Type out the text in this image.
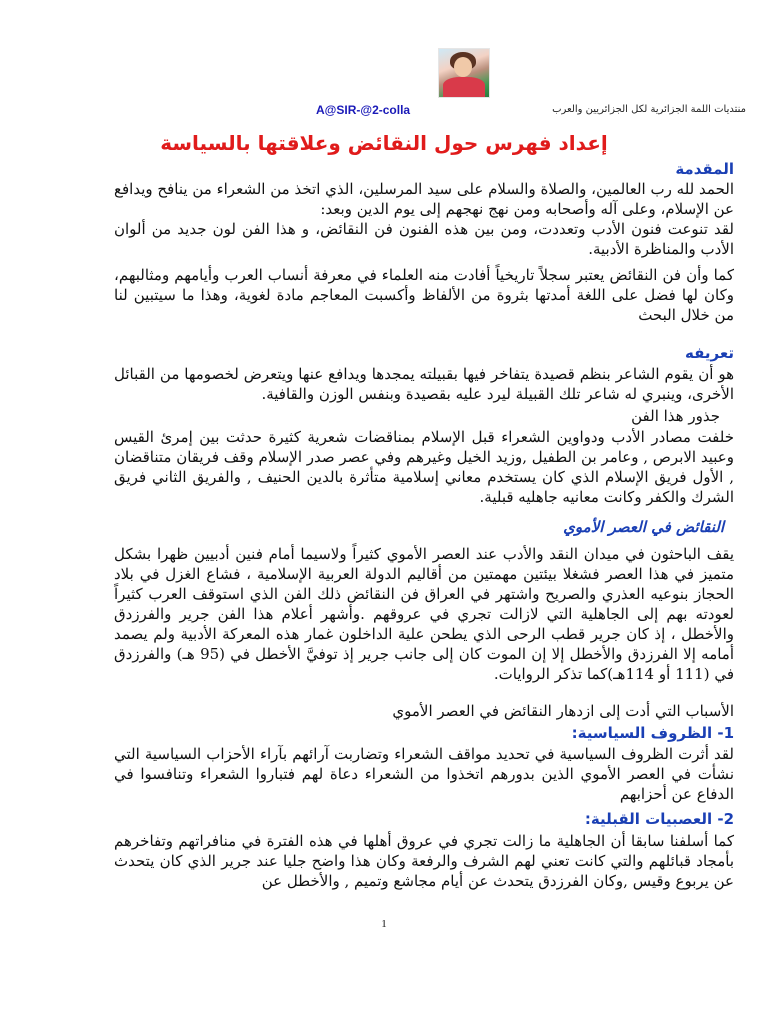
منتديات اللمة الجزائرية لكل الجزائريين والعرب
A@SIR-@2-colla
إعداد فهرس حول النقائض وعلاقتها بالسياسة
المقدمة

الحمد لله رب العالمين، والصلاة والسلام على سيد المرسلين، الذي اتخذ من الشعراء من ينافح ويدافع عن الإسلام، وعلى آله وأصحابه ومن نهج نهجهم إلى يوم الدين وبعد:

لقد تنوعت فنون الأدب وتعددت، ومن بين هذه الفنون فن النقائض، و هذا الفن لون جديد من ألوان الأدب والمناظرة الأدبية.

كما وأن فن النقائض يعتبر سجلاً تاريخياً أفادت منه العلماء في معرفة أنساب العرب وأيامهم ومثالبهم، وكان لها فضل على اللغة أمدتها بثروة من الألفاظ وأكسبت المعاجم مادة لغوية، وهذا ما سيتبين لنا من خلال البحث

تعريفه

هو أن يقوم الشاعر بنظم قصيدة يتفاخر فيها بقبيلته يمجدها ويدافع عنها ويتعرض لخصومها من القبائل الأخرى، وينبري له شاعر تلك القبيلة ليرد عليه بقصيدة وبنفس الوزن والقافية.

جذور هذا الفن

خلفت مصادر الأدب ودواوين الشعراء قبل الإسلام بمناقضات شعرية كثيرة حدثت بين إمرئ القيس وعبيد الابرص , وعامر بن الطفيل ,وزيد الخيل وغيرهم وفي عصر صدر الإسلام وقف فريقان متناقضان , الأول فريق الإسلام الذي كان يستخدم معاني إسلامية متأثرة بالدين الحنيف , والفريق الثاني فريق الشرك والكفر وكانت معانيه جاهليه قبلية.

النقائض في العصر الأموي

يقف الباحثون في ميدان النقد والأدب عند العصر الأموي كثيراً ولاسيما أمام فنين أدبيين ظهرا بشكل متميز في هذا العصر فشغلا بيئتين مهمتين من أقاليم الدولة العربية الإسلامية ، فشاع الغزل في بلاد الحجاز بنوعيه العذري والصريح واشتهر في العراق فن النقائض ذلك الفن الذي استوقف العرب كثيراً لعودته بهم إلى الجاهلية التي لازالت تجري في عروقهم .وأشهر أعلام هذا الفن جرير والفرزدق والأخطل ، إذ كان جرير قطب الرحى الذي يطحن علية الداخلون غمار هذه المعركة الأدبية ولم يصمد أمامه إلا الفرزدق والأخطل إلا إن الموت كان إلى جانب جرير إذ توفيَّ الأخطل في (95 هـ) والفرزدق في (111 أو 114هـ)كما تذكر الروايات.

الأسباب التي أدت إلى ازدهار النقائض في العصر الأموي
1- الظروف السياسية:

لقد أثرت الظروف السياسية في تحديد مواقف الشعراء وتضاربت آرائهم بآراء الأحزاب السياسية التي نشأت في العصر الأموي الذين بدورهم اتخذوا من الشعراء دعاة لهم فتباروا الشعراء وتنافسوا في الدفاع عن أحزابهم

2- العصبيات القبلية:

كما أسلفنا سابقا أن الجاهلية ما زالت تجري في عروق أهلها في هذه الفترة في منافراتهم وتفاخرهم بأمجاد قبائلهم والتي كانت تعني لهم الشرف والرفعة وكان هذا واضح جليا عند جرير الذي كان يتحدث عن يربوع وقيس ,وكان الفرزدق يتحدث عن أيام مجاشع وتميم , والأخطل عن

1
